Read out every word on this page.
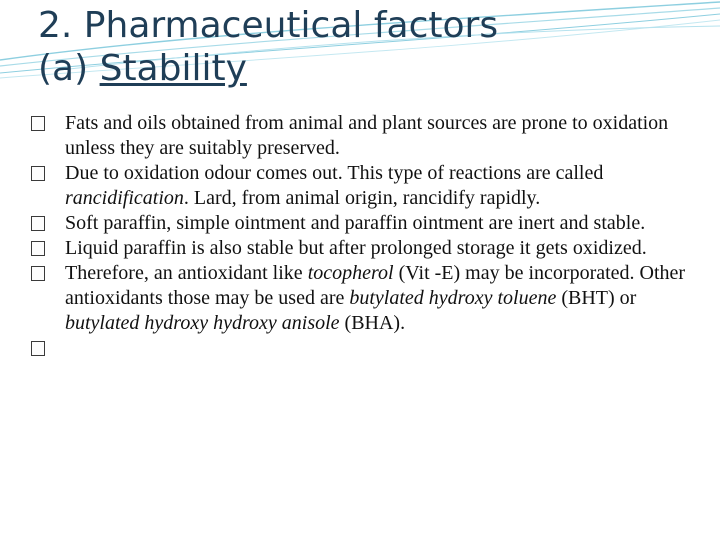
2. Pharmaceutical factors
(a) Stability

Fats and oils obtained from animal and plant sources are prone to oxidation unless they are suitably preserved.

Due to oxidation odour comes out. This type of reactions are called rancidification. Lard, from animal origin, rancidify rapidly.

Soft paraffin, simple ointment and paraffin ointment are inert and stable.

Liquid paraffin is also stable but after prolonged storage it gets oxidized.

Therefore, an antioxidant like tocopherol (Vit -E) may be incorporated. Other antioxidants those may be used are butylated hydroxy toluene (BHT) or butylated hydroxy hydroxy anisole (BHA).
